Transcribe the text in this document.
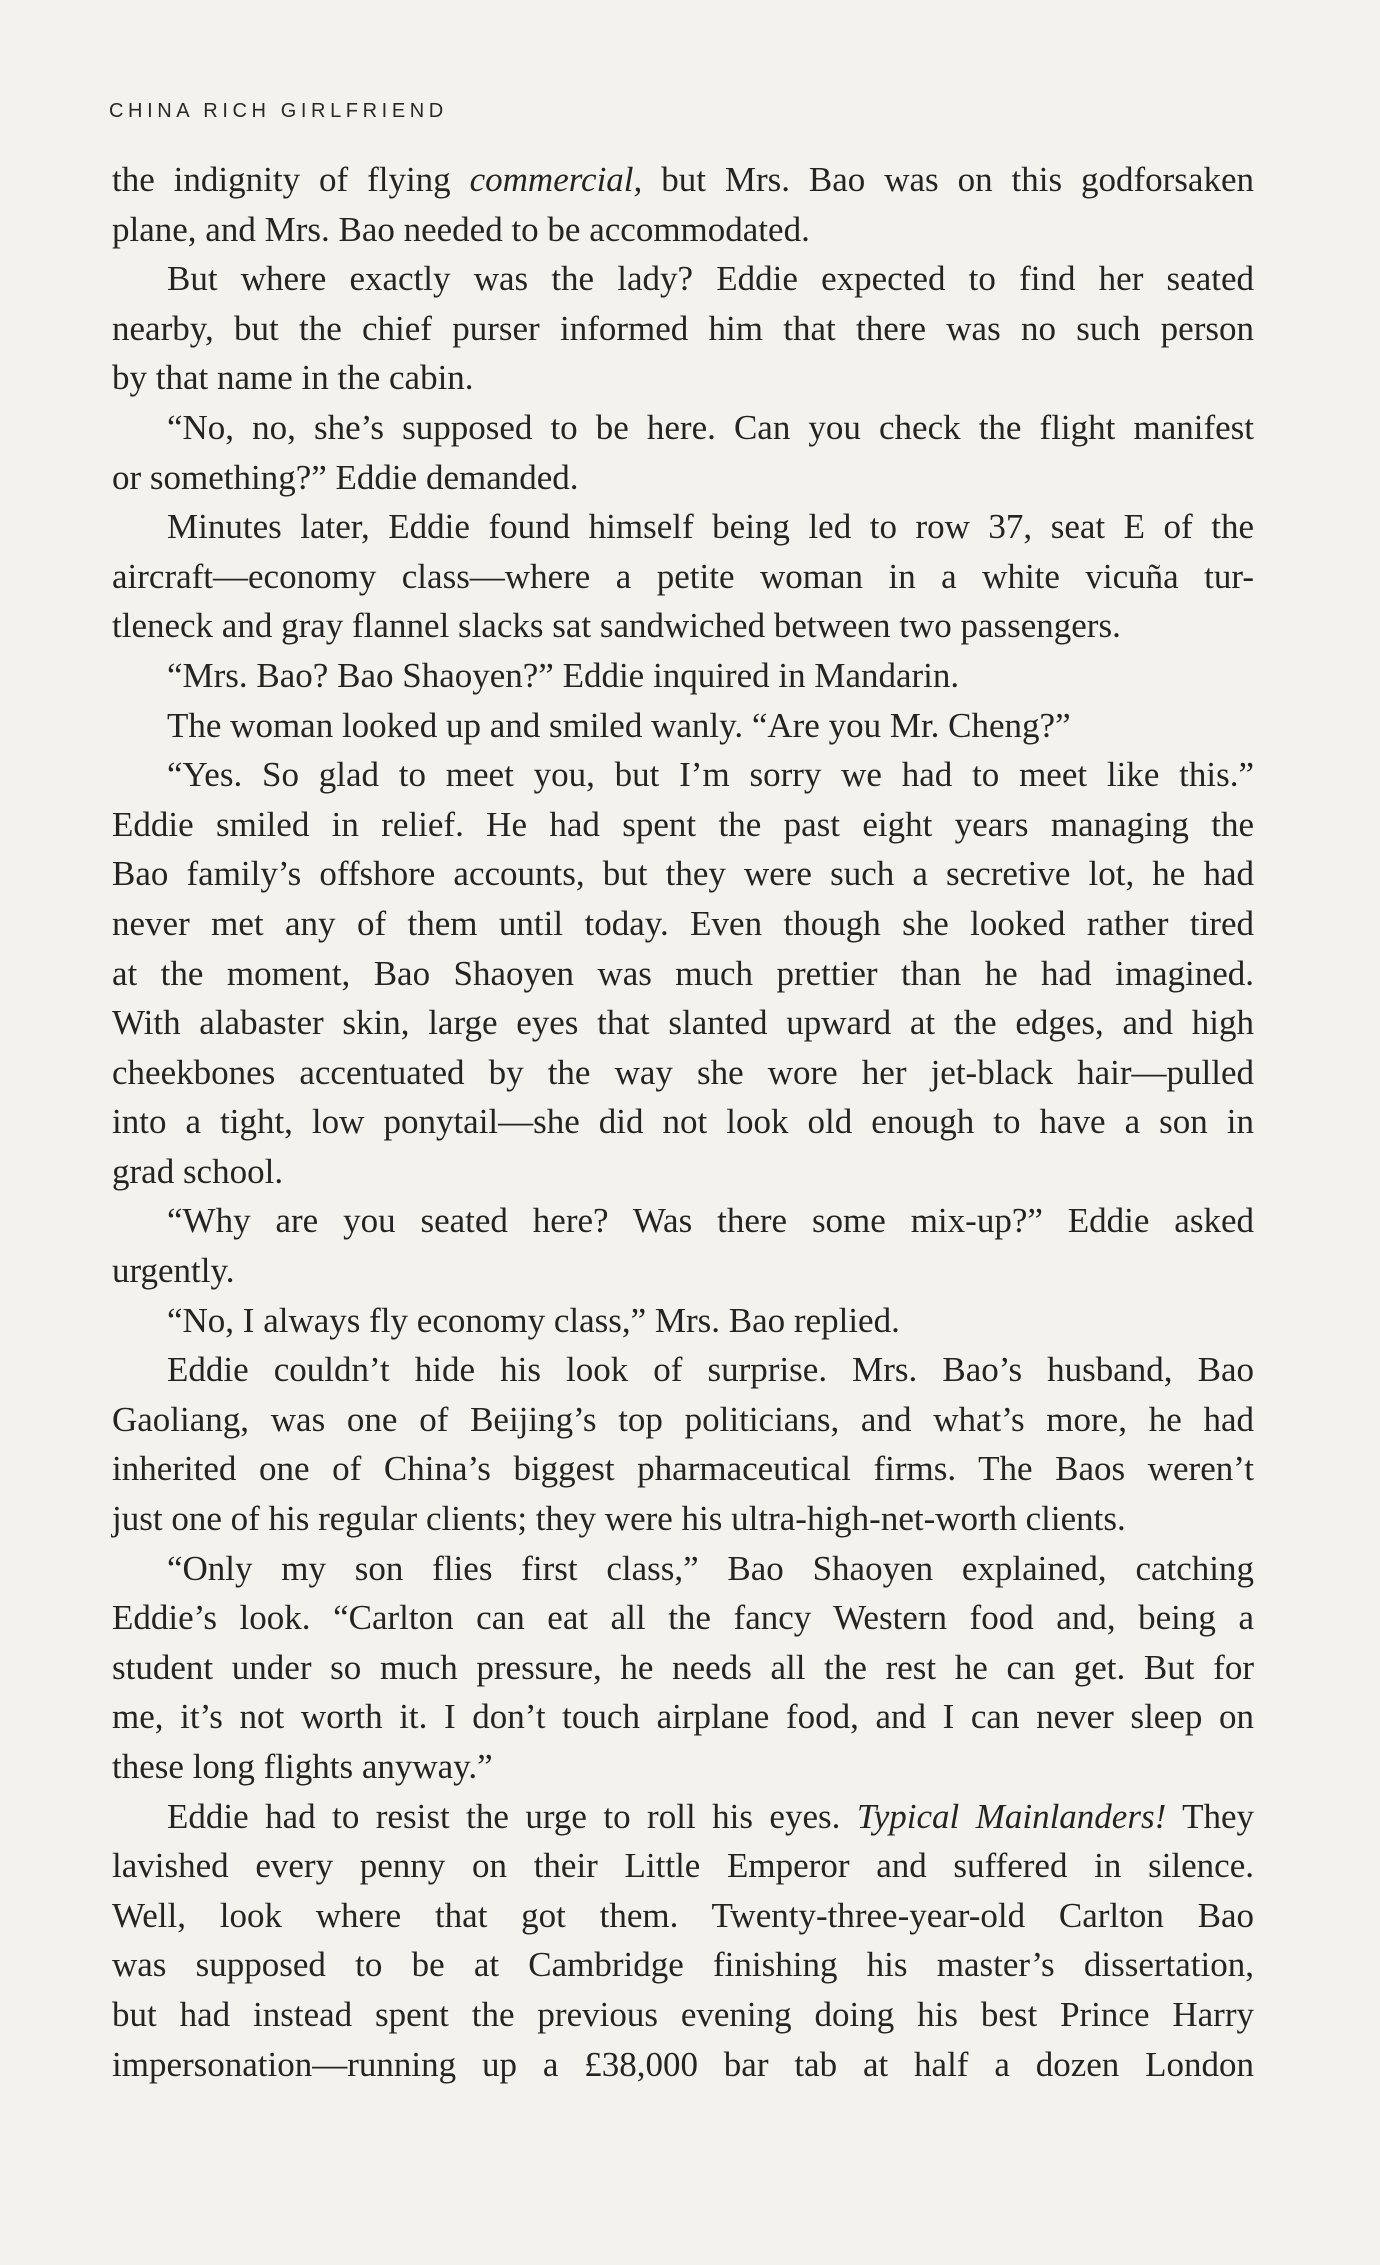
CHINA RICH GIRLFRIEND
the indignity of flying commercial, but Mrs. Bao was on this godforsaken
plane, and Mrs. Bao needed to be accommodated.
But where exactly was the lady? Eddie expected to find her seated
nearby, but the chief purser informed him that there was no such person
by that name in the cabin.
“No, no, she’s supposed to be here. Can you check the flight manifest
or something?” Eddie demanded.
Minutes later, Eddie found himself being led to row 37, seat E of the
aircraft—economy class—where a petite woman in a white vicuña tur-
tleneck and gray flannel slacks sat sandwiched between two passengers.
“Mrs. Bao? Bao Shaoyen?” Eddie inquired in Mandarin.
The woman looked up and smiled wanly. “Are you Mr. Cheng?”
“Yes. So glad to meet you, but I’m sorry we had to meet like this.”
Eddie smiled in relief. He had spent the past eight years managing the
Bao family’s offshore accounts, but they were such a secretive lot, he had
never met any of them until today. Even though she looked rather tired
at the moment, Bao Shaoyen was much prettier than he had imagined.
With alabaster skin, large eyes that slanted upward at the edges, and high
cheekbones accentuated by the way she wore her jet-black hair—pulled
into a tight, low ponytail—she did not look old enough to have a son in
grad school.
“Why are you seated here? Was there some mix-up?” Eddie asked
urgently.
“No, I always fly economy class,” Mrs. Bao replied.
Eddie couldn’t hide his look of surprise. Mrs. Bao’s husband, Bao
Gaoliang, was one of Beijing’s top politicians, and what’s more, he had
inherited one of China’s biggest pharmaceutical firms. The Baos weren’t
just one of his regular clients; they were his ultra-high-net-worth clients.
“Only my son flies first class,” Bao Shaoyen explained, catching
Eddie’s look. “Carlton can eat all the fancy Western food and, being a
student under so much pressure, he needs all the rest he can get. But for
me, it’s not worth it. I don’t touch airplane food, and I can never sleep on
these long flights anyway.”
Eddie had to resist the urge to roll his eyes. Typical Mainlanders! They
lavished every penny on their Little Emperor and suffered in silence.
Well, look where that got them. Twenty-three-year-old Carlton Bao
was supposed to be at Cambridge finishing his master’s dissertation,
but had instead spent the previous evening doing his best Prince Harry
impersonation—running up a £38,000 bar tab at half a dozen London
